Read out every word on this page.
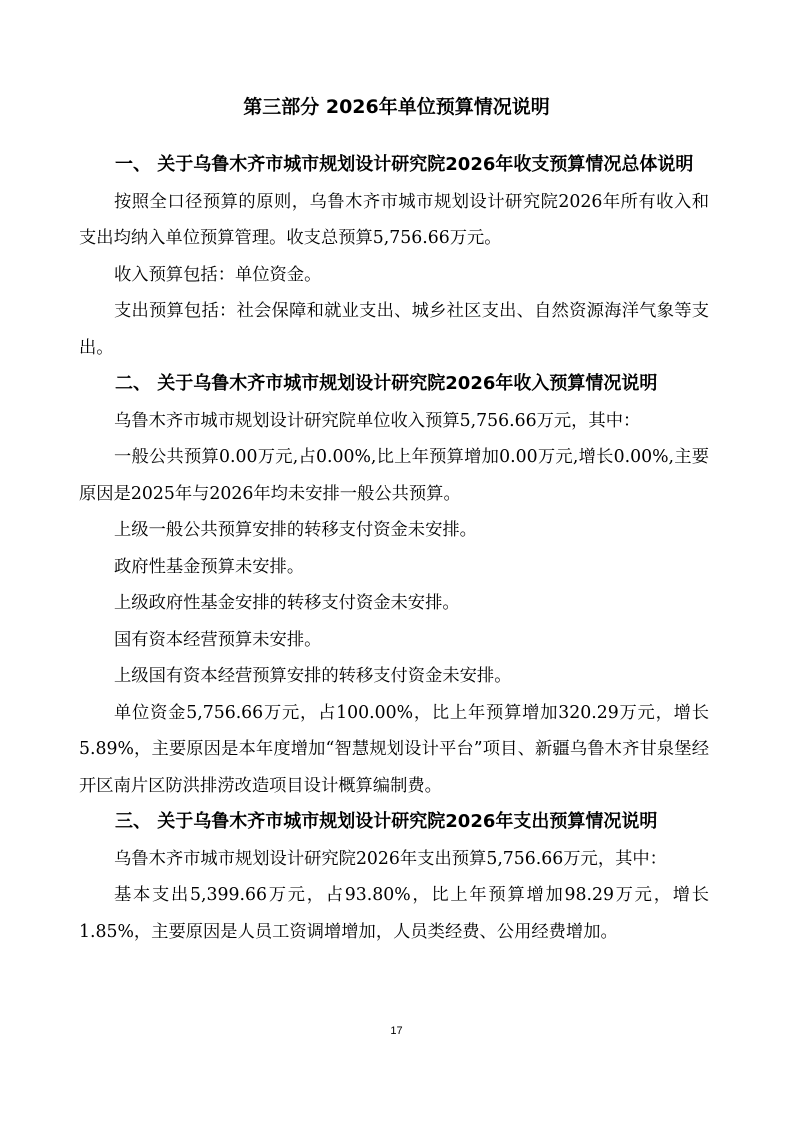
第三部分 2026年单位预算情况说明

一、 关于乌鲁木齐市城市规划设计研究院2026年收支预算情况总体说明

按照全口径预算的原则，乌鲁木齐市城市规划设计研究院2026年所有收入和支出均纳入单位预算管理。收支总预算5,756.66万元。

收入预算包括：单位资金。

支出预算包括：社会保障和就业支出、城乡社区支出、自然资源海洋气象等支出。

二、 关于乌鲁木齐市城市规划设计研究院2026年收入预算情况说明

乌鲁木齐市城市规划设计研究院单位收入预算5,756.66万元，其中：

一般公共预算0.00万元,占0.00%,比上年预算增加0.00万元,增长0.00%,主要原因是2025年与2026年均未安排一般公共预算。

上级一般公共预算安排的转移支付资金未安排。

政府性基金预算未安排。

上级政府性基金安排的转移支付资金未安排。

国有资本经营预算未安排。

上级国有资本经营预算安排的转移支付资金未安排。

单位资金5,756.66万元，占100.00%，比上年预算增加320.29万元，增长5.89%，主要原因是本年度增加“智慧规划设计平台”项目、新疆乌鲁木齐甘泉堡经开区南片区防洪排涝改造项目设计概算编制费。

三、 关于乌鲁木齐市城市规划设计研究院2026年支出预算情况说明

乌鲁木齐市城市规划设计研究院2026年支出预算5,756.66万元，其中：

基本支出5,399.66万元，占93.80%，比上年预算增加98.29万元，增长1.85%，主要原因是人员工资调增增加，人员类经费、公用经费增加。

17
